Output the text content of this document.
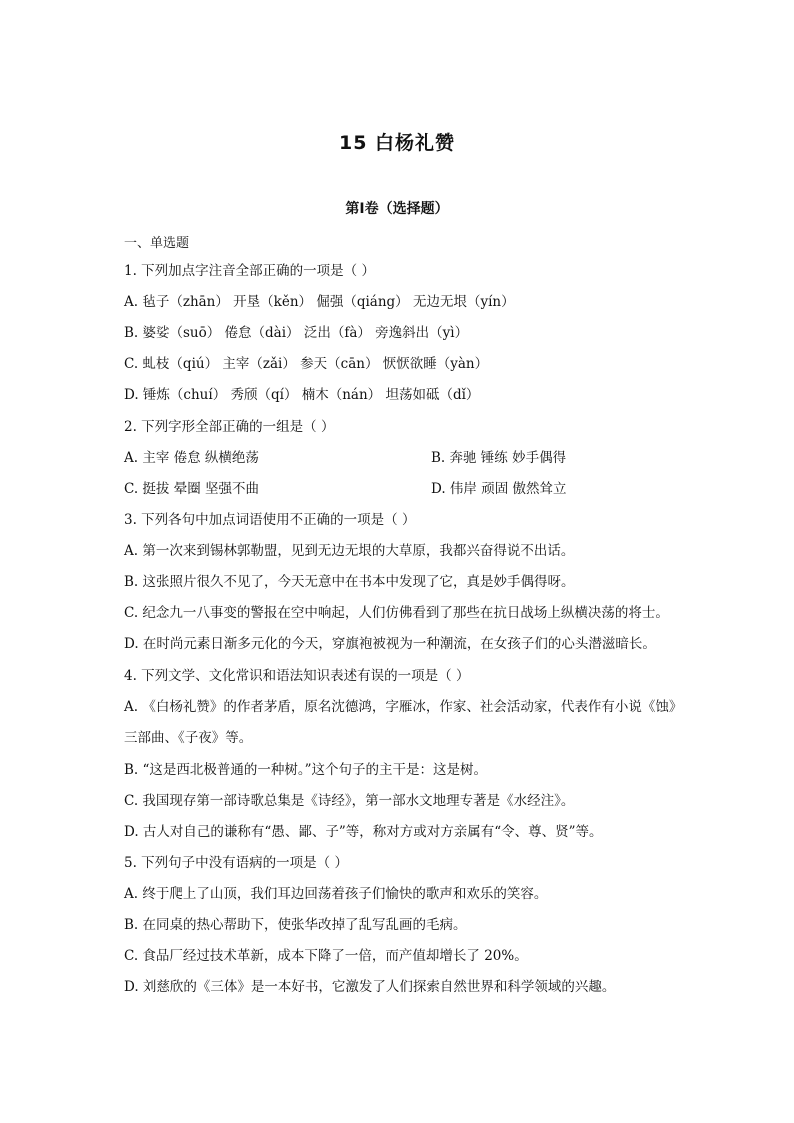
15 白杨礼赞
第I卷（选择题）
一、单选题
1. 下列加点字注音全部正确的一项是（ ）
A. 毡子（zhān） 开垦（kěn） 倔强（qiáng） 无边无垠（yín）
B. 婆娑（suō） 倦怠（dài） 泛出（fà） 旁逸斜出（yì）
C. 虬枝（qiú） 主宰（zǎi） 参天（cān） 恹恹欲睡（yàn）
D. 锤炼（chuí） 秀颀（qí） 楠木（nán） 坦荡如砥（dǐ）
2. 下列字形全部正确的一组是（ ）
A. 主宰 倦怠 纵横绝荡	B. 奔驰 锤练 妙手偶得
C. 挺拔 晕圈 坚强不曲	D. 伟岸 顽固 傲然耸立
3. 下列各句中加点词语使用不正确的一项是（ ）
A. 第一次来到锡林郭勒盟，见到无边无垠的大草原，我都兴奋得说不出话。
B. 这张照片很久不见了，今天无意中在书本中发现了它，真是妙手偶得呀。
C. 纪念九一八事变的警报在空中响起，人们仿佛看到了那些在抗日战场上纵横决荡的将士。
D. 在时尚元素日渐多元化的今天，穿旗袍被视为一种潮流，在女孩子们的心头潜滋暗长。
4. 下列文学、文化常识和语法知识表述有误的一项是（ ）
A. 《白杨礼赞》的作者茅盾，原名沈德鸿，字雁冰，作家、社会活动家，代表作有小说《蚀》
三部曲、《子夜》等。
B. “这是西北极普通的一种树。”这个句子的主干是：这是树。
C. 我国现存第一部诗歌总集是《诗经》，第一部水文地理专著是《水经注》。
D. 古人对自己的谦称有“愚、鄙、子”等，称对方或对方亲属有“令、尊、贤”等。
5. 下列句子中没有语病的一项是（ ）
A. 终于爬上了山顶，我们耳边回荡着孩子们愉快的歌声和欢乐的笑容。
B. 在同桌的热心帮助下，使张华改掉了乱写乱画的毛病。
C. 食品厂经过技术革新，成本下降了一倍，而产值却增长了 20%。
D. 刘慈欣的《三体》是一本好书，它激发了人们探索自然世界和科学领域的兴趣。
